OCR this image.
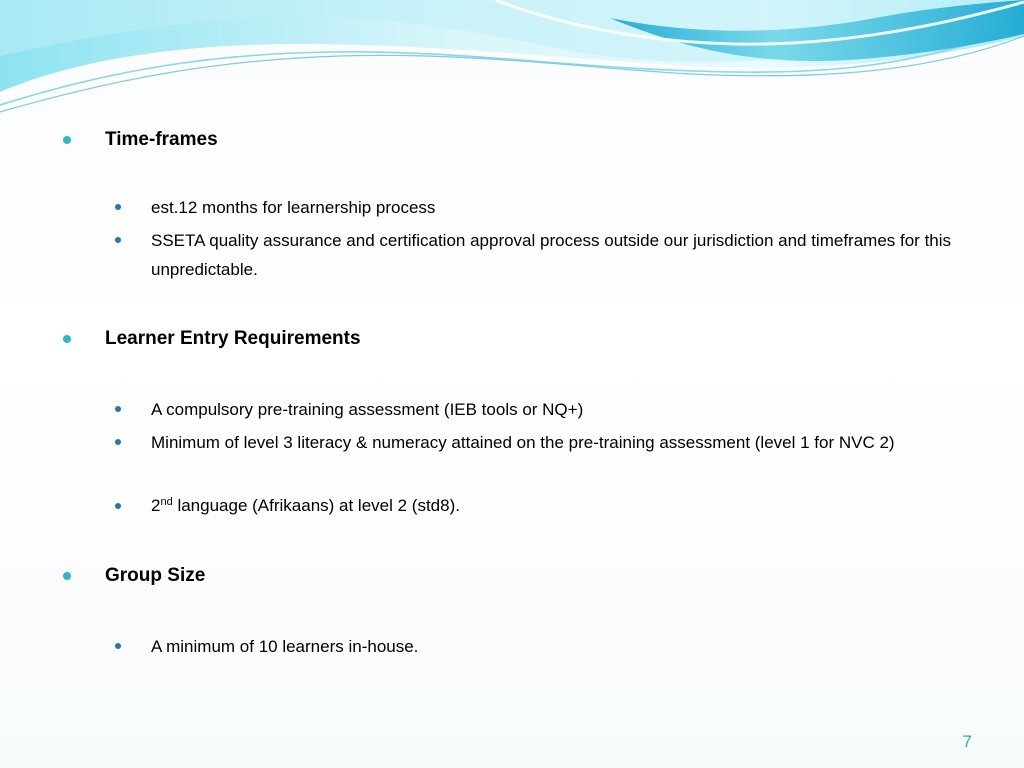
Time-frames
est.12 months for learnership process
SSETA quality assurance and certification approval process outside our jurisdiction and timeframes for this unpredictable.
Learner Entry Requirements
A compulsory pre-training assessment (IEB tools or NQ+)
Minimum of level 3 literacy & numeracy attained on the pre-training assessment (level 1 for NVC 2)
2nd language (Afrikaans) at level 2 (std8).
Group Size
A minimum of 10 learners in-house.
7
